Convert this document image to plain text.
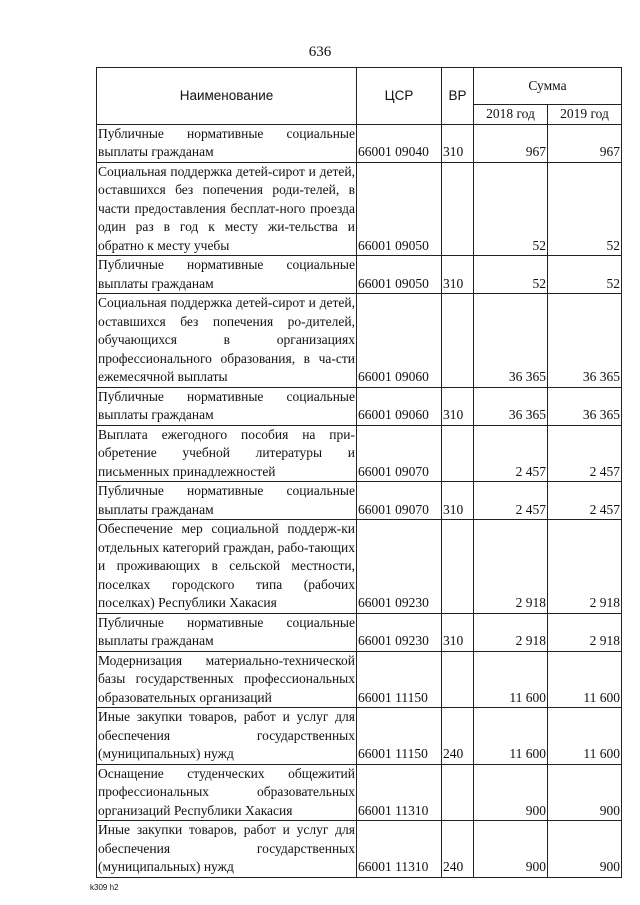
636
Наименование	ЦСР	ВР	Сумма	
			2018 год	2019 год
Публичные нормативные социальные выплаты гражданам	66001 09040	310	967	967
Социальная поддержка детей-сирот и детей, оставшихся без попечения роди-телей, в части предоставления бесплат-ного проезда один раз в год к месту жи-тельства и обратно к месту учебы	66001 09050		52	52
Публичные нормативные социальные выплаты гражданам	66001 09050	310	52	52
Социальная поддержка детей-сирот и детей, оставшихся без попечения ро-дителей, обучающихся в организациях профессионального образования, в ча-сти ежемесячной выплаты	66001 09060		36 365	36 365
Публичные нормативные социальные выплаты гражданам	66001 09060	310	36 365	36 365
Выплата ежегодного пособия на при-обретение учебной литературы и письменных принадлежностей	66001 09070		2 457	2 457
Публичные нормативные социальные выплаты гражданам	66001 09070	310	2 457	2 457
Обеспечение мер социальной поддерж-ки отдельных категорий граждан, рабо-тающих и проживающих в сельской местности, поселках городского типа (рабочих поселках) Республики Хакасия	66001 09230		2 918	2 918
Публичные нормативные социальные выплаты гражданам	66001 09230	310	2 918	2 918
Модернизация материально-технической базы государственных профессиональных образовательных организаций	66001 11150		11 600	11 600
Иные закупки товаров, работ и услуг для обеспечения государственных (муниципальных) нужд	66001 11150	240	11 600	11 600
Оснащение студенческих общежитий профессиональных образовательных организаций Республики Хакасия	66001 11310		900	900
Иные закупки товаров, работ и услуг для обеспечения государственных (муниципальных) нужд	66001 11310	240	900	900
k309 h2
